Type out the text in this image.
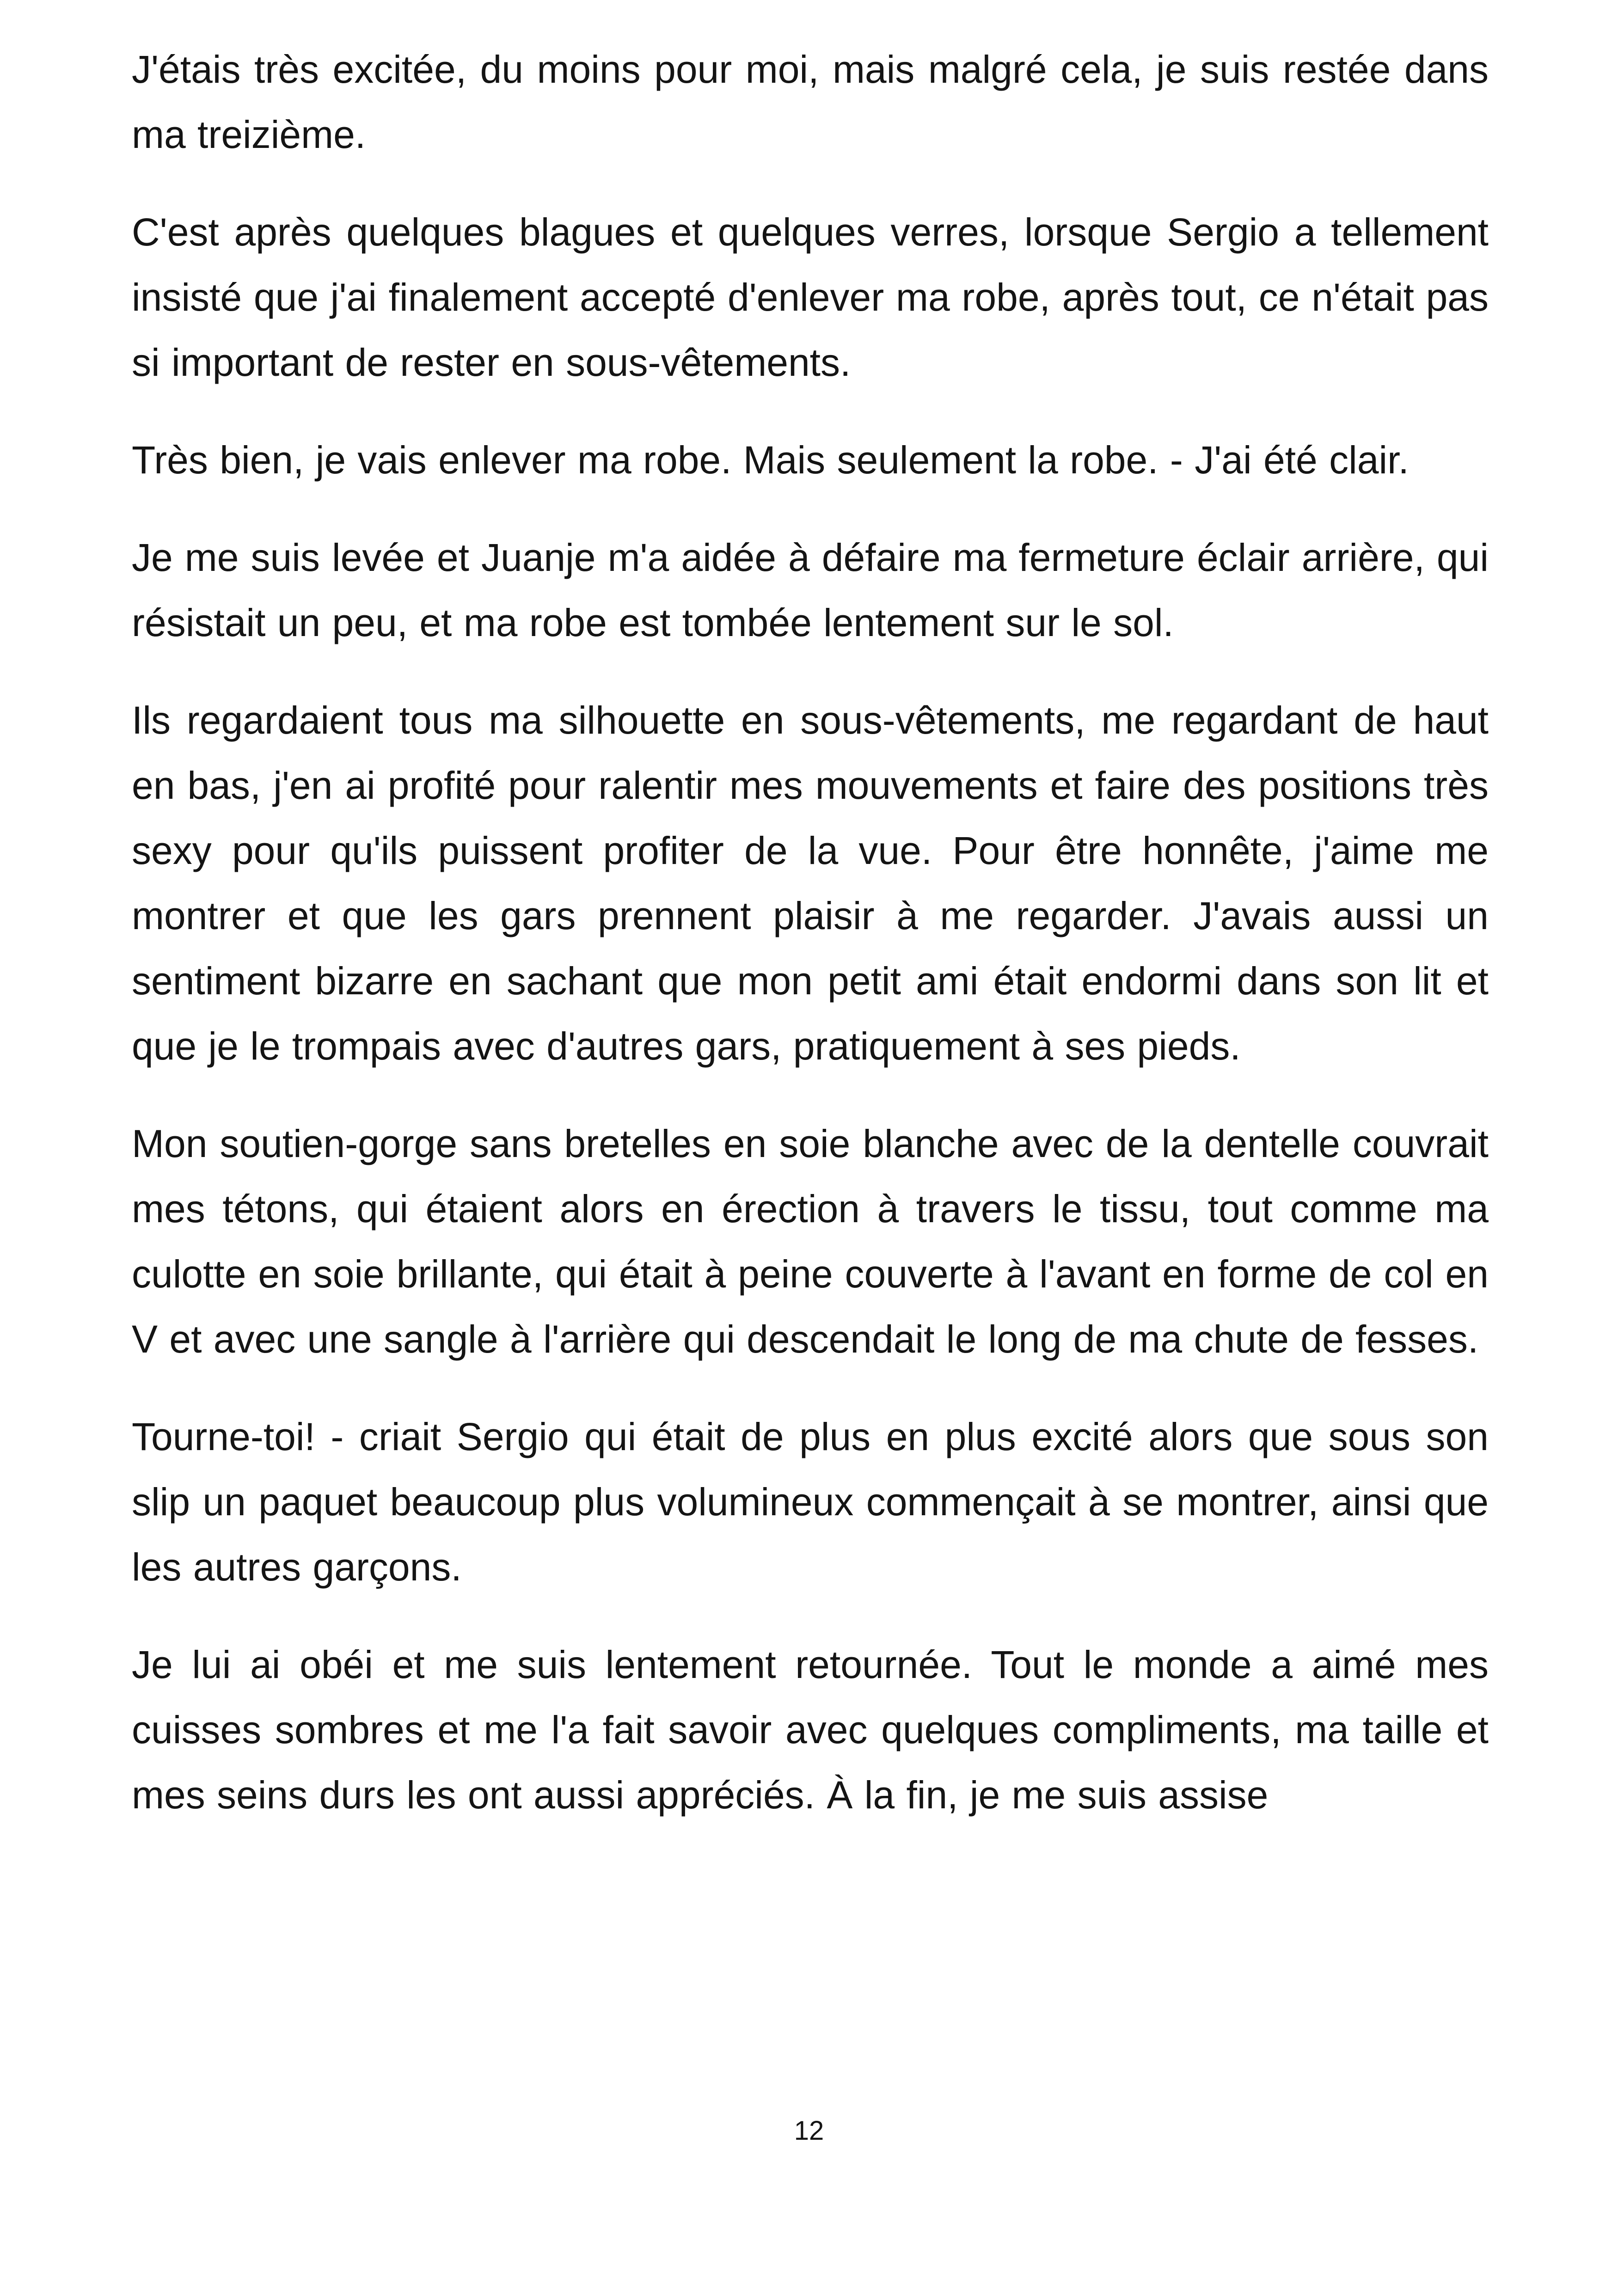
J'étais très excitée, du moins pour moi, mais malgré cela, je suis restée dans ma treizième.

C'est après quelques blagues et quelques verres, lorsque Sergio a tellement insisté que j'ai finalement accepté d'enlever ma robe, après tout, ce n'était pas si important de rester en sous-vêtements.

Très bien, je vais enlever ma robe. Mais seulement la robe. - J'ai été clair.

Je me suis levée et Juanje m'a aidée à défaire ma fermeture éclair arrière, qui résistait un peu, et ma robe est tombée lentement sur le sol.

Ils regardaient tous ma silhouette en sous-vêtements, me regardant de haut en bas, j'en ai profité pour ralentir mes mouvements et faire des positions très sexy pour qu'ils puissent profiter de la vue. Pour être honnête, j'aime me montrer et que les gars prennent plaisir à me regarder. J'avais aussi un sentiment bizarre en sachant que mon petit ami était endormi dans son lit et que je le trompais avec d'autres gars, pratiquement à ses pieds.

Mon soutien-gorge sans bretelles en soie blanche avec de la dentelle couvrait mes tétons, qui étaient alors en érection à travers le tissu, tout comme ma culotte en soie brillante, qui était à peine couverte à l'avant en forme de col en V et avec une sangle à l'arrière qui descendait le long de ma chute de fesses.

Tourne-toi! - criait Sergio qui était de plus en plus excité alors que sous son slip un paquet beaucoup plus volumineux commençait à se montrer, ainsi que les autres garçons.

Je lui ai obéi et me suis lentement retournée. Tout le monde a aimé mes cuisses sombres et me l'a fait savoir avec quelques compliments, ma taille et mes seins durs les ont aussi appréciés. À la fin, je me suis assise

12
